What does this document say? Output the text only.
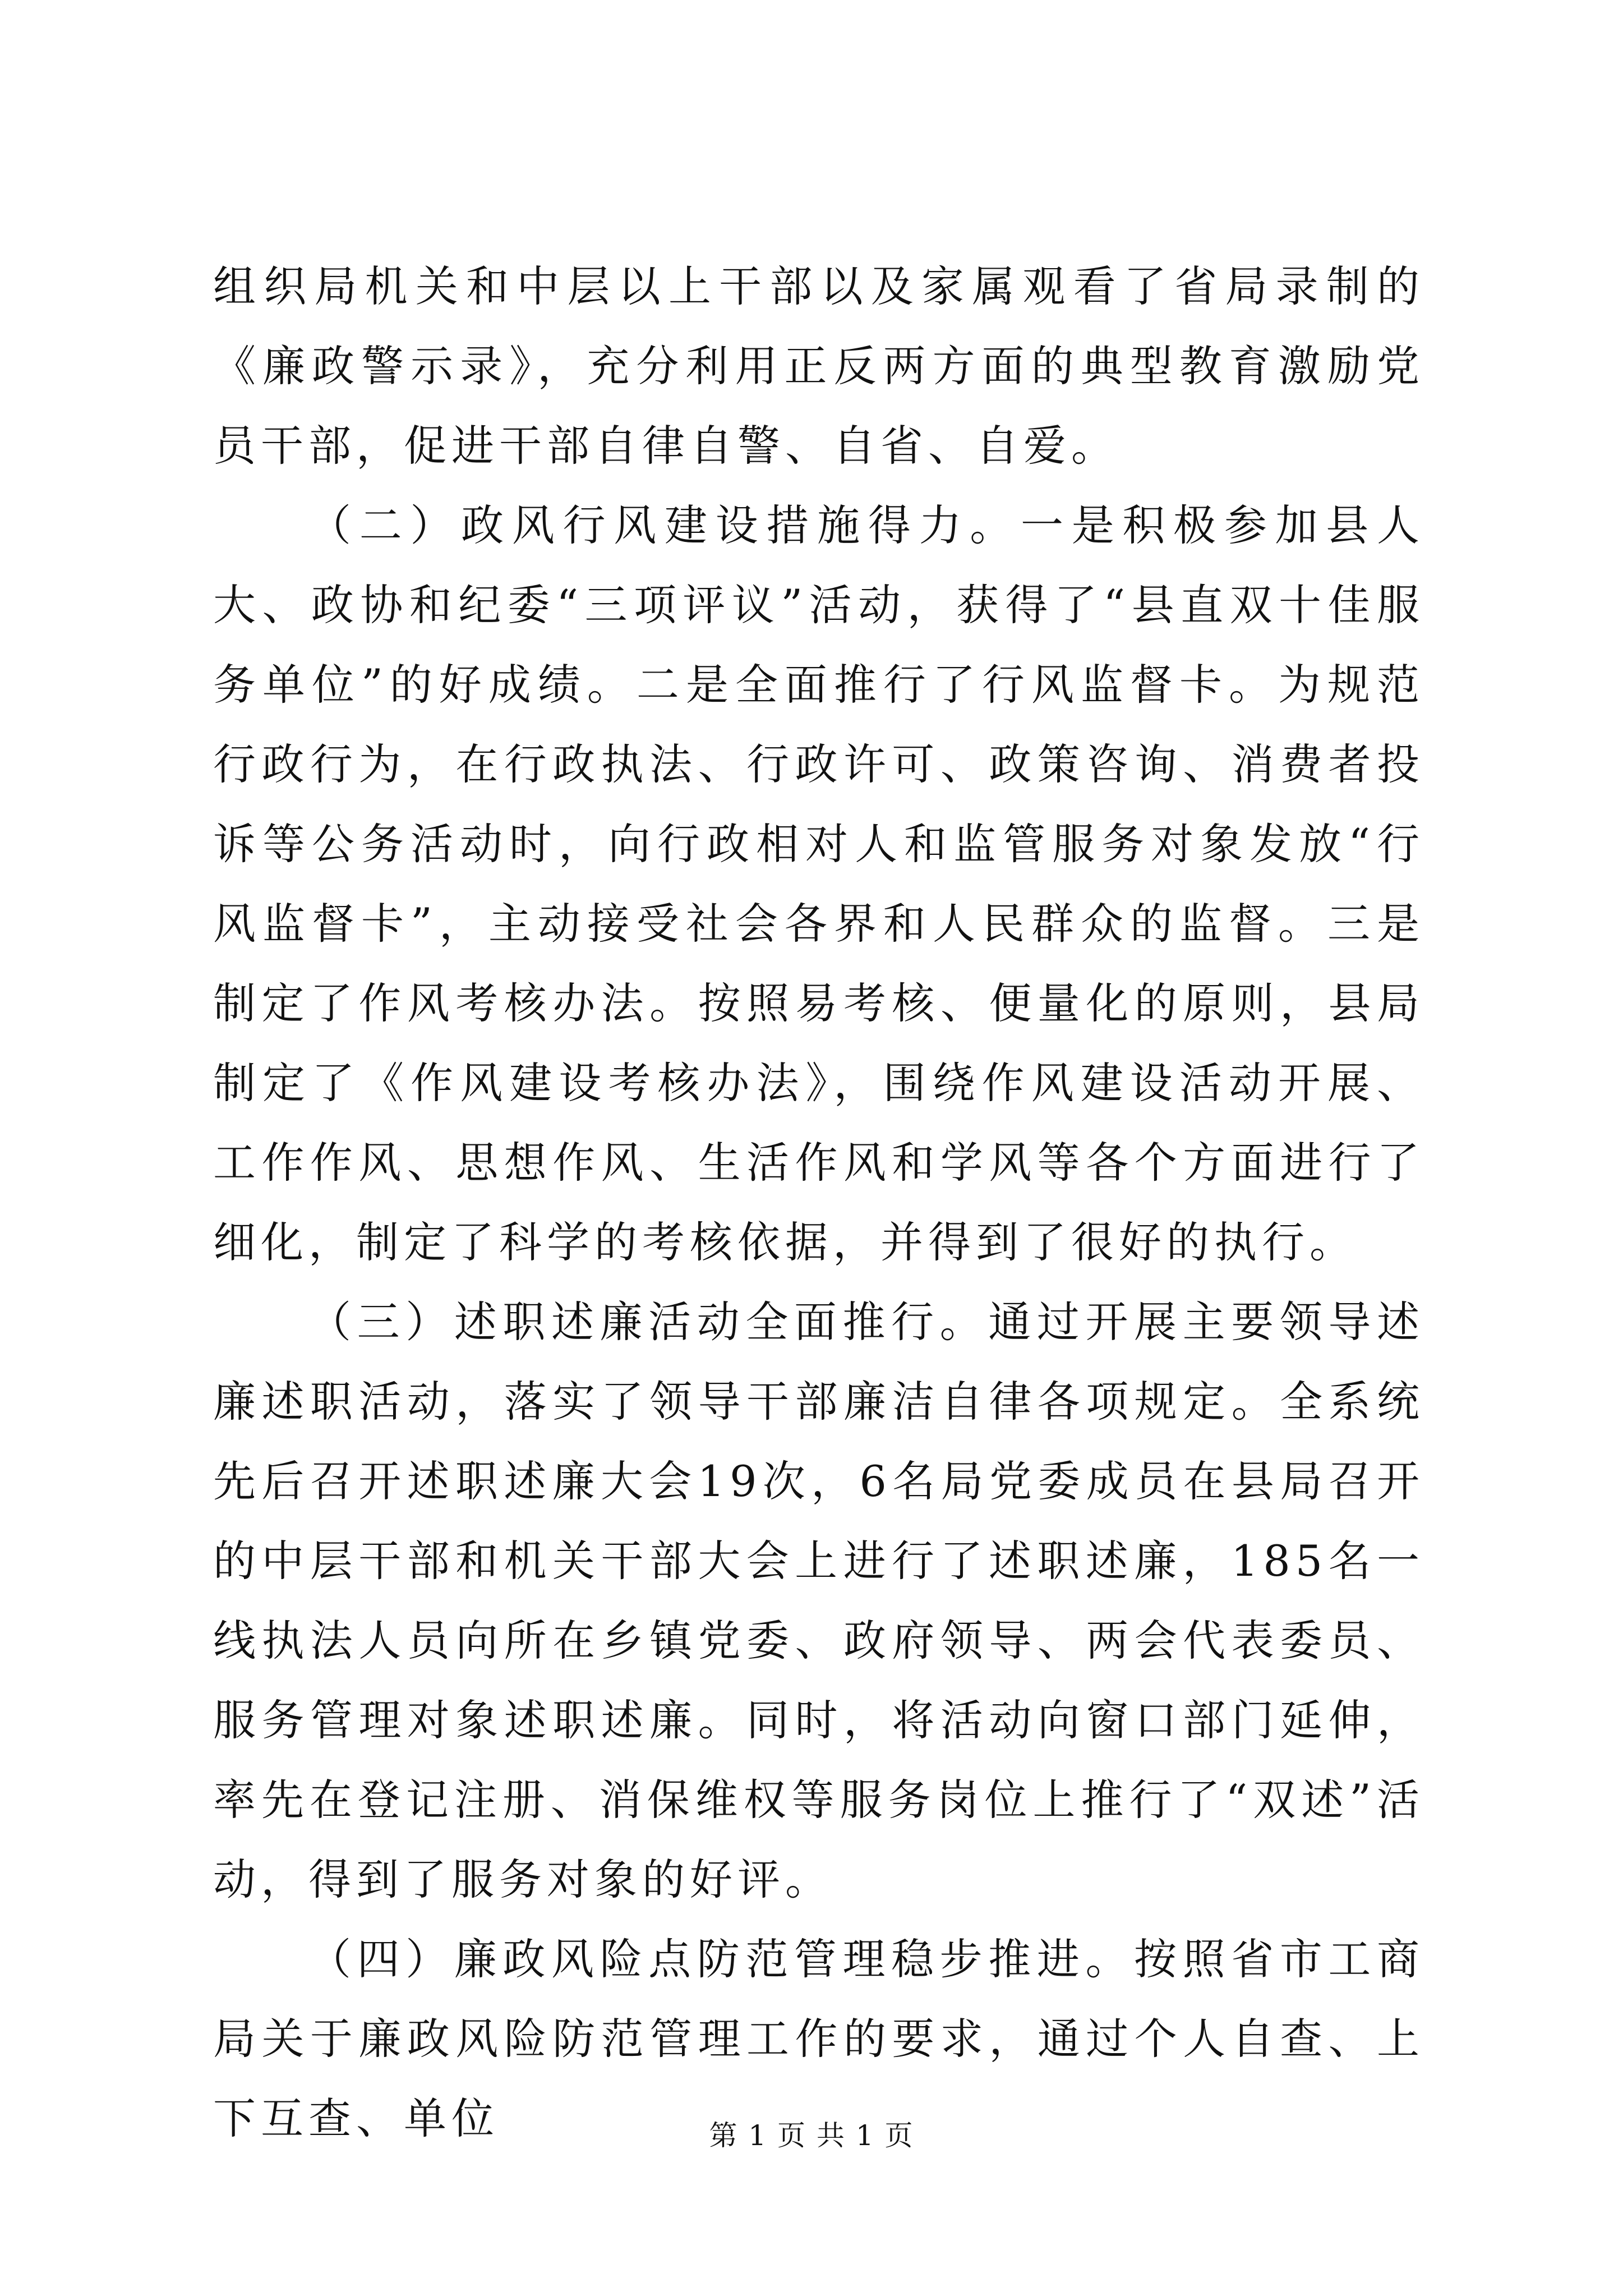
组织局机关和中层以上干部以及家属观看了省局录制的《廉政警示录》，充分利用正反两方面的典型教育激励党员干部，促进干部自律自警、自省、自爱。

（二）政风行风建设措施得力。一是积极参加县人大、政协和纪委“三项评议”活动，获得了“县直双十佳服务单位”的好成绩。二是全面推行了行风监督卡。为规范行政行为，在行政执法、行政许可、政策咨询、消费者投诉等公务活动时，向行政相对人和监管服务对象发放“行风监督卡”，主动接受社会各界和人民群众的监督。三是制定了作风考核办法。按照易考核、便量化的原则，县局制定了《作风建设考核办法》，围绕作风建设活动开展、工作作风、思想作风、生活作风和学风等各个方面进行了细化，制定了科学的考核依据，并得到了很好的执行。

（三）述职述廉活动全面推行。通过开展主要领导述廉述职活动，落实了领导干部廉洁自律各项规定。全系统先后召开述职述廉大会19次，6名局党委成员在县局召开的中层干部和机关干部大会上进行了述职述廉，185名一线执法人员向所在乡镇党委、政府领导、两会代表委员、服务管理对象述职述廉。同时，将活动向窗口部门延伸，率先在登记注册、消保维权等服务岗位上推行了“双述”活动，得到了服务对象的好评。

（四）廉政风险点防范管理稳步推进。按照省市工商局关于廉政风险防范管理工作的要求，通过个人自查、上下互查、单位	第 1 页 共 1 页
